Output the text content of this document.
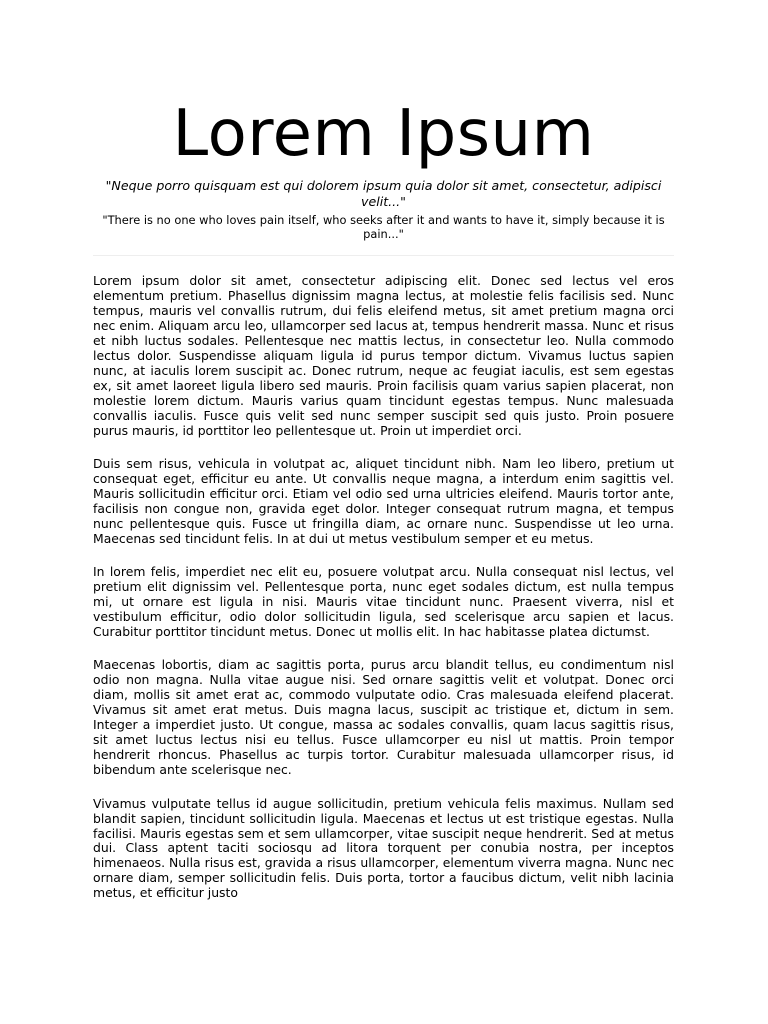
Lorem Ipsum

"Neque porro quisquam est qui dolorem ipsum quia dolor sit amet, consectetur, adipisci velit..."

"There is no one who loves pain itself, who seeks after it and wants to have it, simply because it is pain..."

Lorem ipsum dolor sit amet, consectetur adipiscing elit. Donec sed lectus vel eros elementum pretium. Phasellus dignissim magna lectus, at molestie felis facilisis sed. Nunc tempus, mauris vel convallis rutrum, dui felis eleifend metus, sit amet pretium magna orci nec enim. Aliquam arcu leo, ullamcorper sed lacus at, tempus hendrerit massa. Nunc et risus et nibh luctus sodales. Pellentesque nec mattis lectus, in consectetur leo. Nulla commodo lectus dolor. Suspendisse aliquam ligula id purus tempor dictum. Vivamus luctus sapien nunc, at iaculis lorem suscipit ac. Donec rutrum, neque ac feugiat iaculis, est sem egestas ex, sit amet laoreet ligula libero sed mauris. Proin facilisis quam varius sapien placerat, non molestie lorem dictum. Mauris varius quam tincidunt egestas tempus. Nunc malesuada convallis iaculis. Fusce quis velit sed nunc semper suscipit sed quis justo. Proin posuere purus mauris, id porttitor leo pellentesque ut. Proin ut imperdiet orci.

Duis sem risus, vehicula in volutpat ac, aliquet tincidunt nibh. Nam leo libero, pretium ut consequat eget, efficitur eu ante. Ut convallis neque magna, a interdum enim sagittis vel. Mauris sollicitudin efficitur orci. Etiam vel odio sed urna ultricies eleifend. Mauris tortor ante, facilisis non congue non, gravida eget dolor. Integer consequat rutrum magna, et tempus nunc pellentesque quis. Fusce ut fringilla diam, ac ornare nunc. Suspendisse ut leo urna. Maecenas sed tincidunt felis. In at dui ut metus vestibulum semper et eu metus.

In lorem felis, imperdiet nec elit eu, posuere volutpat arcu. Nulla consequat nisl lectus, vel pretium elit dignissim vel. Pellentesque porta, nunc eget sodales dictum, est nulla tempus mi, ut ornare est ligula in nisi. Mauris vitae tincidunt nunc. Praesent viverra, nisl et vestibulum efficitur, odio dolor sollicitudin ligula, sed scelerisque arcu sapien et lacus. Curabitur porttitor tincidunt metus. Donec ut mollis elit. In hac habitasse platea dictumst.

Maecenas lobortis, diam ac sagittis porta, purus arcu blandit tellus, eu condimentum nisl odio non magna. Nulla vitae augue nisi. Sed ornare sagittis velit et volutpat. Donec orci diam, mollis sit amet erat ac, commodo vulputate odio. Cras malesuada eleifend placerat. Vivamus sit amet erat metus. Duis magna lacus, suscipit ac tristique et, dictum in sem. Integer a imperdiet justo. Ut congue, massa ac sodales convallis, quam lacus sagittis risus, sit amet luctus lectus nisi eu tellus. Fusce ullamcorper eu nisl ut mattis. Proin tempor hendrerit rhoncus. Phasellus ac turpis tortor. Curabitur malesuada ullamcorper risus, id bibendum ante scelerisque nec.

Vivamus vulputate tellus id augue sollicitudin, pretium vehicula felis maximus. Nullam sed blandit sapien, tincidunt sollicitudin ligula. Maecenas et lectus ut est tristique egestas. Nulla facilisi. Mauris egestas sem et sem ullamcorper, vitae suscipit neque hendrerit. Sed at metus dui. Class aptent taciti sociosqu ad litora torquent per conubia nostra, per inceptos himenaeos. Nulla risus est, gravida a risus ullamcorper, elementum viverra magna. Nunc nec ornare diam, semper sollicitudin felis. Duis porta, tortor a faucibus dictum, velit nibh lacinia metus, et efficitur justo
